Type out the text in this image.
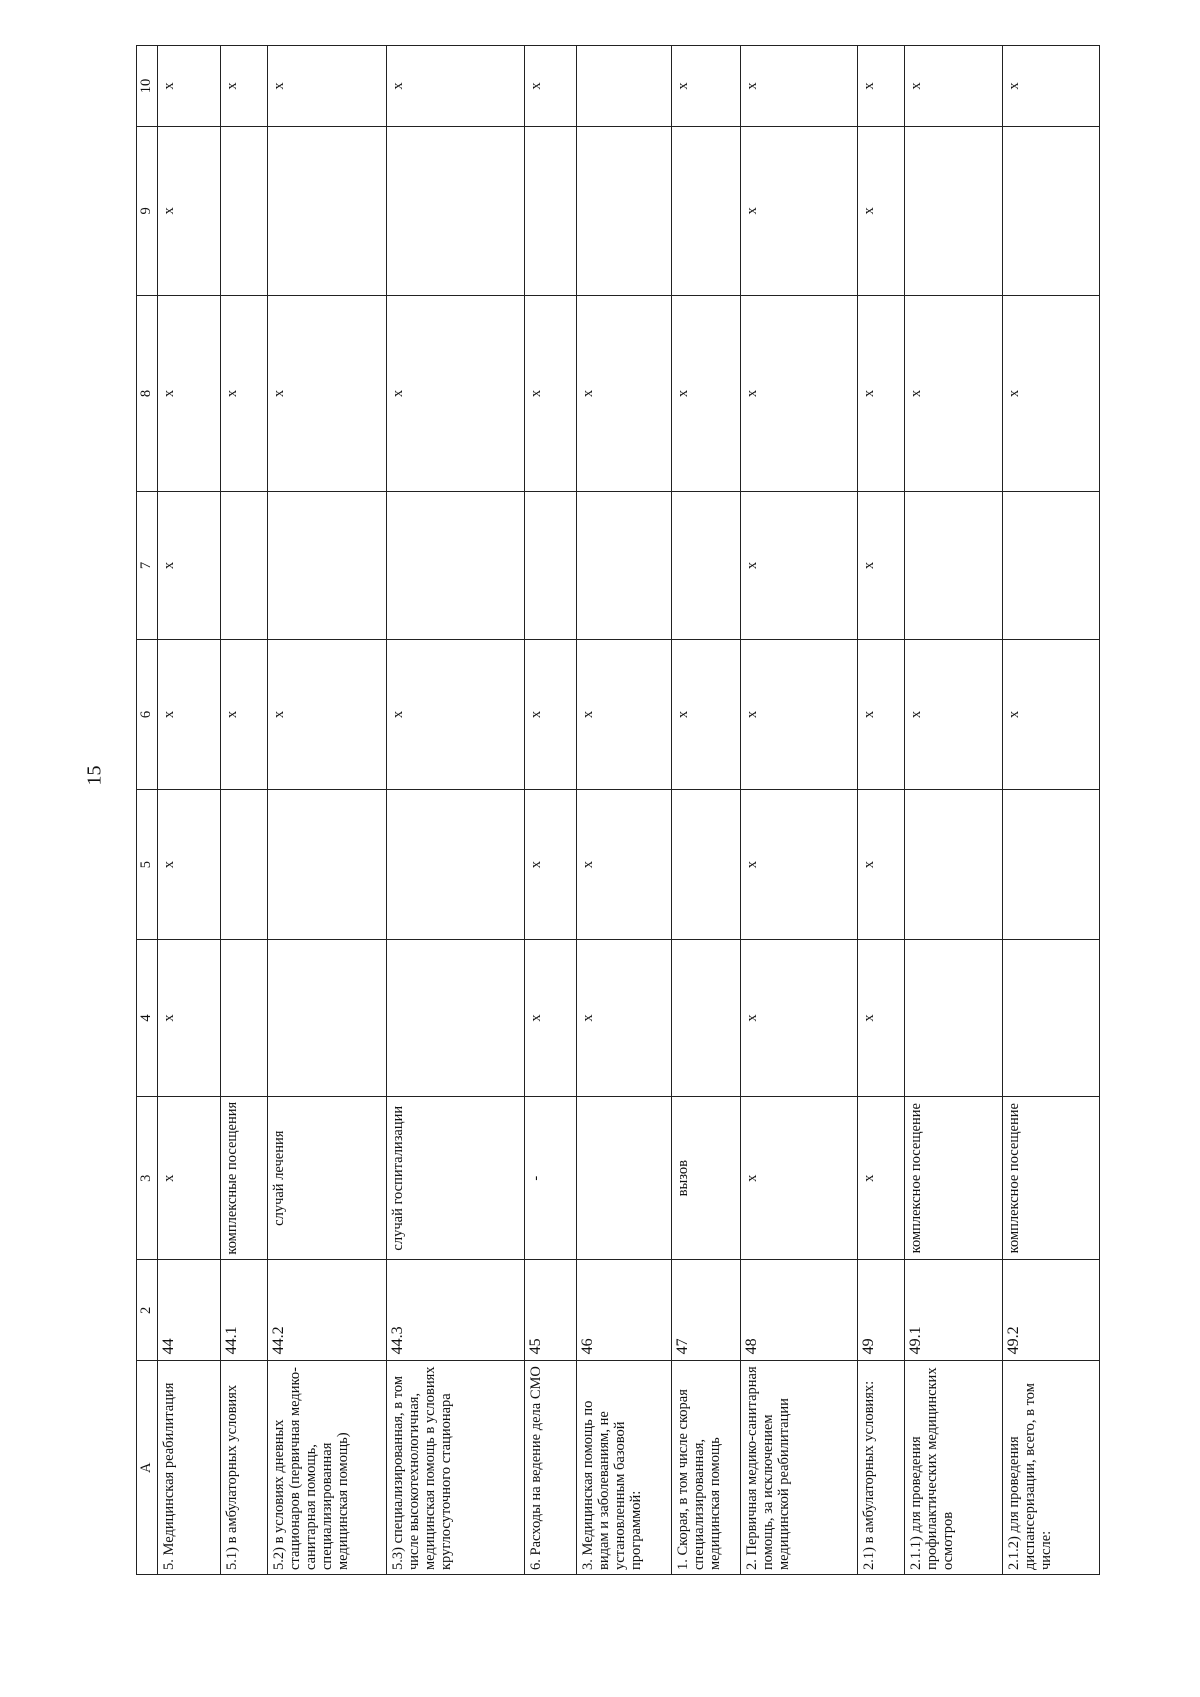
15
А	2	3	4	5	6	7	8	9	10
5. Медицинская реабилитация	44	х	х	х	х	х	х	х	х
5.1) в амбулаторных условиях	44.1	комплексные посещения			х		х		х
5.2) в условиях дневных стационаров (первичная медико-санитарная помощь, специализированная медицинская помощь)	44.2	случай лечения			х		х		х
5.3) специализированная, в том числе высокотехнологичная, медицинская помощь в условиях круглосуточного стационара	44.3	случай госпитализации			х		х		х
6. Расходы на ведение дела СМО	45	-	х	х	х		х		х
3. Медицинская помощь по видам и заболеваниям, не установленным базовой программой:	46		х	х	х		х		
1. Скорая, в том числе скорая специализированная, медицинская помощь	47	вызов			х		х		х
2. Первичная медико-санитарная помощь, за исключением медицинской реабилитации	48	х	х	х	х	х	х	х	х
2.1) в амбулаторных условиях:	49	х	х	х	х	х	х	х	х
2.1.1) для проведения профилактических медицинских осмотров	49.1	комплексное посещение			х		х		х
2.1.2) для проведения диспансеризации, всего, в том числе:	49.2	комплексное посещение			х		х		х
